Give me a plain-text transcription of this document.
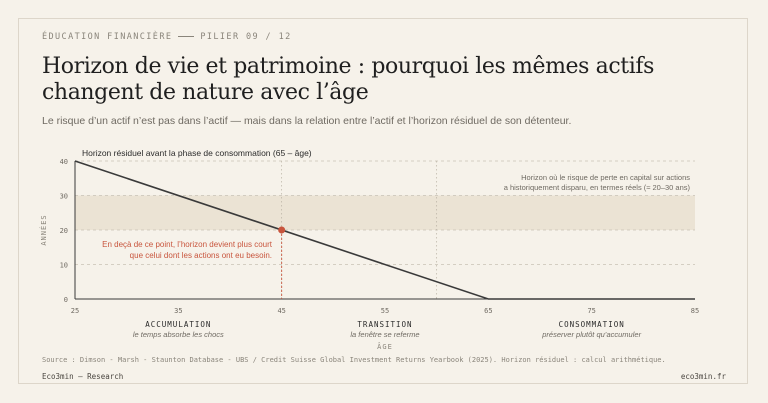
ÉDUCATION FINANCIÈRE	PILIER 09 / 12
Horizon de vie et patrimoine : pourquoi les mêmes actifs
changent de nature avec l’âge
Le risque d’un actif n’est pas dans l’actif — mais dans la relation entre l’actif et l’horizon résiduel de son détenteur.
0
10
20
30
40
25	35	45	55	65	75	85
Horizon résiduel avant la phase de consommation (65 – âge)
Horizon où le risque de perte en capital sur actions
a historiquement disparu, en termes réels (≈ 20–30 ans)
En deçà de ce point, l’horizon devient plus court
que celui dont les actions ont eu besoin.
ANNÉES
ÂGE
ACCUMULATION
le temps absorbe les chocs
TRANSITION
la fenêtre se referme
CONSOMMATION
préserver plutôt qu’accumuler
Source : Dimson - Marsh - Staunton Database - UBS / Credit Suisse Global Investment Returns Yearbook (2025). Horizon résiduel : calcul arithmétique.
Eco3min — Research	eco3min.fr
